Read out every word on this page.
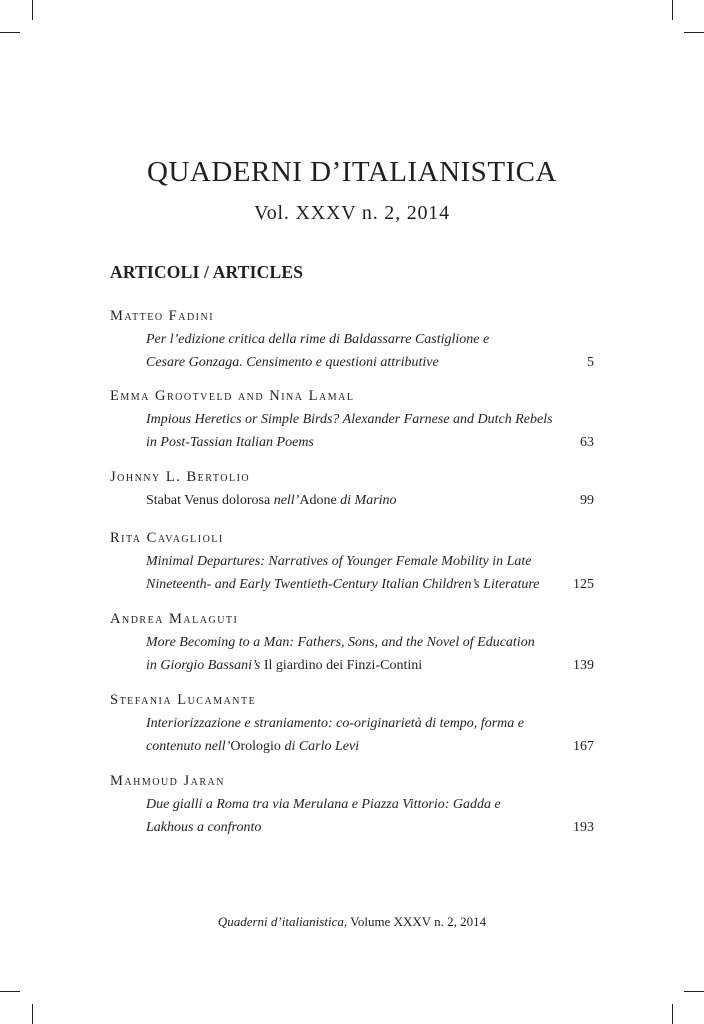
QUADERNI D’ITALIANISTICA
Vol. XXXV n. 2, 2014
ARTICOLI / ARTICLES
Matteo Fadini
Per l’edizione critica della rime di Baldassarre Castiglione e
Cesare Gonzaga. Censimento e questioni attributive	5
Emma Grootveld and Nina Lamal
Impious Heretics or Simple Birds? Alexander Farnese and Dutch Rebels
in Post-Tassian Italian Poems	63
Johnny L. Bertolio
Stabat Venus dolorosa nell’Adone di Marino	99
Rita Cavaglioli
Minimal Departures: Narratives of Younger Female Mobility in Late
Nineteenth- and Early Twentieth-Century Italian Children’s Literature 125
Andrea Malaguti
More Becoming to a Man: Fathers, Sons, and the Novel of Education
in Giorgio Bassani’s Il giardino dei Finzi-Contini	139
Stefania Lucamante
Interiorizzazione e straniamento: co-originarietà di tempo, forma e
contenuto nell’Orologio di Carlo Levi	167
Mahmoud Jaran
Due gialli a Roma tra via Merulana e Piazza Vittorio: Gadda e
Lakhous a confronto	193
Quaderni d’italianistica, Volume XXXV n. 2, 2014
